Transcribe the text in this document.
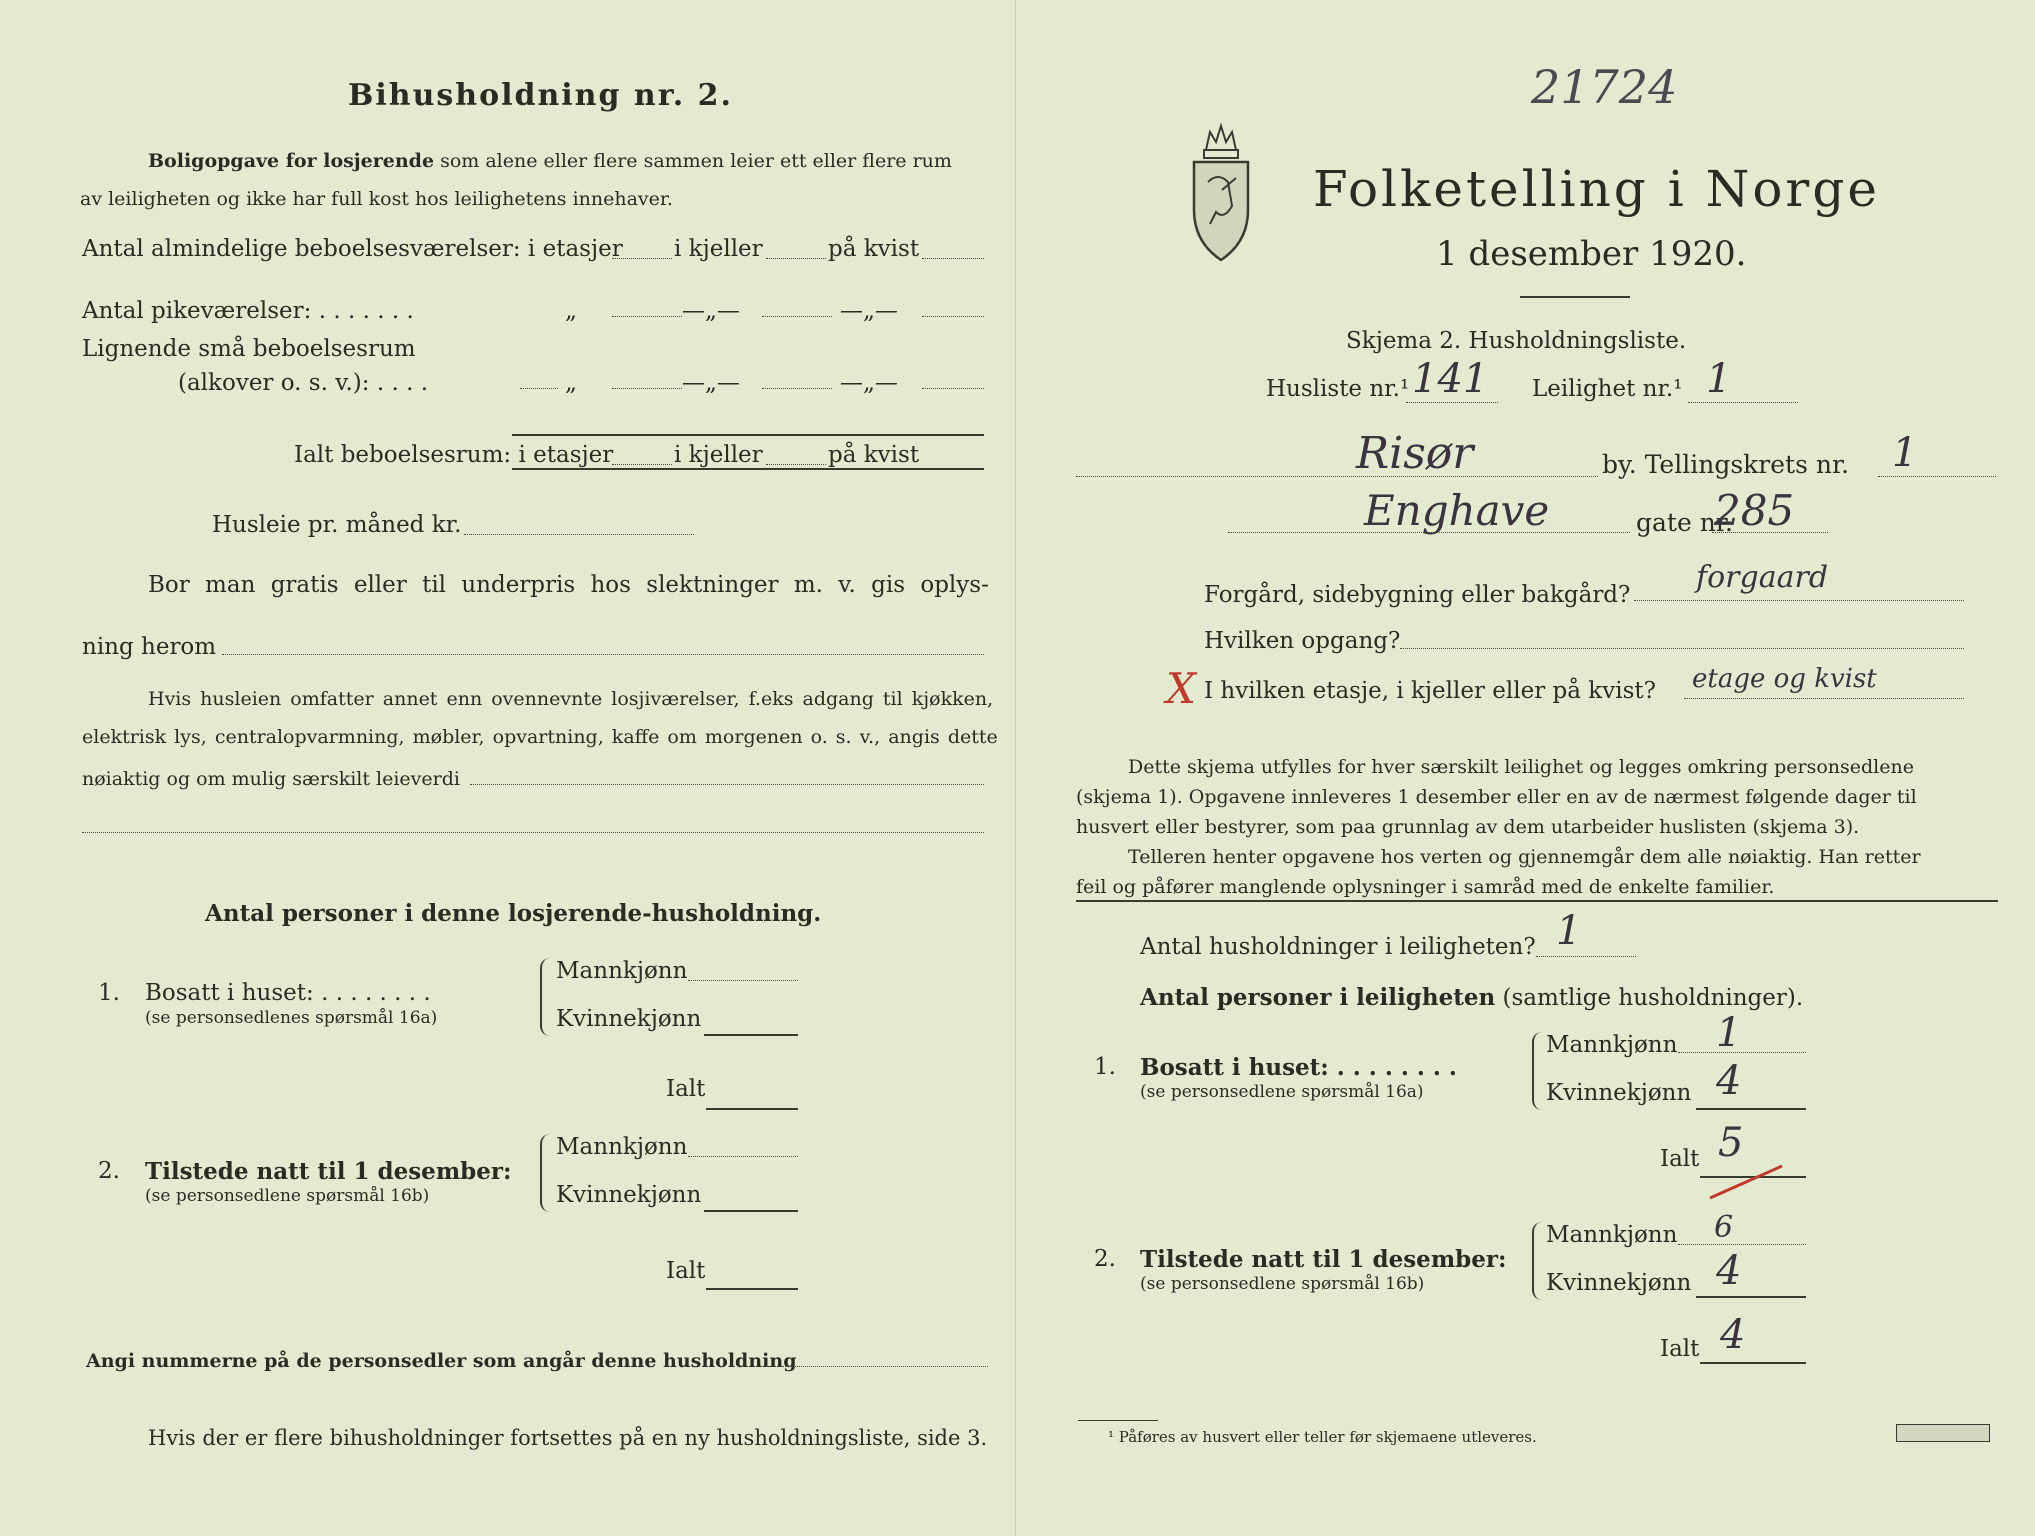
Bihusholdning nr. 2.
Boligopgave for losjerende som alene eller flere sammen leier ett eller flere rum
av leiligheten og ikke har full kost hos leilighetens innehaver.
Antal almindelige beboelsesværelser: i etasjer i kjeller	på kvist
Antal pikeværelser: . . . . . . .	„	—„—	—„—
Lignende små beboelsesrum
(alkover o. s. v.): . . . .	„	—„—	—„—
Ialt beboelsesrum: i etasjer	i kjeller	på kvist
Husleie pr. måned kr.
Bor man gratis eller til underpris hos slektninger m. v. gis oplys-
ning herom
Hvis husleien omfatter annet enn ovennevnte losjiværelser, f.eks adgang til kjøkken,
elektrisk lys, centralopvarmning, møbler, opvartning, kaffe om morgenen o. s. v., angis dette
nøiaktig og om mulig særskilt leieverdi
Antal personer i denne losjerende-husholdning.
1. Bosatt i huset: . . . . . . . .
(se personsedlenes spørsmål 16a)
Mannkjønn
Kvinnekjønn
Ialt
2. Tilstede natt til 1 desember:
(se personsedlene spørsmål 16b)
Mannkjønn
Kvinnekjønn
Ialt
Angi nummerne på de personsedler som angår denne husholdning
Hvis der er flere bihusholdninger fortsettes på en ny husholdningsliste, side 3.
21724
Folketelling i Norge
1 desember 1920.
Skjema 2. Husholdningsliste.
Husliste nr.¹ 141 Leilighet nr.¹ 1
Risør	by. Tellingskrets nr. 1
Enghave	gate nr.
285
Forgård, sidebygning eller bakgård? forgaard
Hvilken opgang?
X I hvilken etasje, i kjeller eller på kvist? etage og kvist
Dette skjema utfylles for hver særskilt leilighet og legges omkring personsedlene
(skjema 1). Opgavene innleveres 1 desember eller en av de nærmest følgende dager til
husvert eller bestyrer, som paa grunnlag av dem utarbeider huslisten (skjema 3).
Telleren henter opgavene hos verten og gjennemgår dem alle nøiaktig. Han retter
feil og påfører manglende oplysninger i samråd med de enkelte familier.
Antal husholdninger i leiligheten? 1
Antal personer i leiligheten (samtlige husholdninger).
1. Bosatt i huset: . . . . . . . .
(se personsedlene spørsmål 16a)
Mannkjønn 1
Kvinnekjønn 4
Ialt 5
2. Tilstede natt til 1 desember:
(se personsedlene spørsmål 16b)
Mannkjønn 6
Kvinnekjønn 4
Ialt 4
¹ Påføres av husvert eller teller før skjemaene utleveres.
